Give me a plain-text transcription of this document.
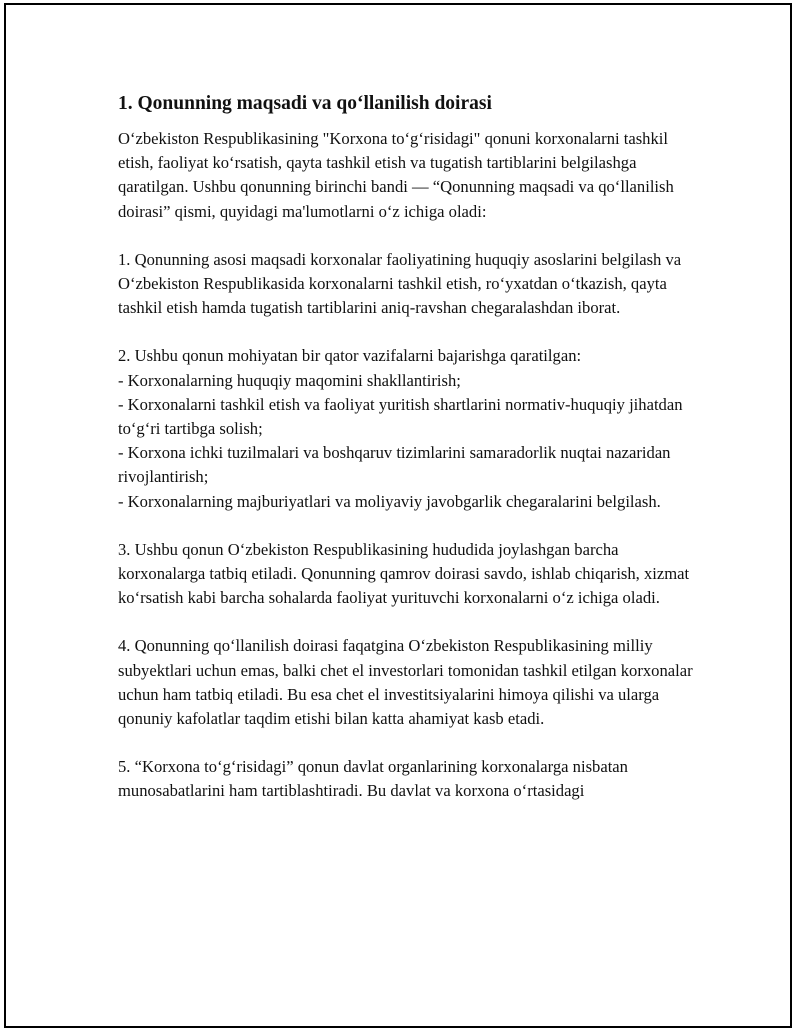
1. Qonunning maqsadi va qo‘llanilish doirasi
O‘zbekiston Respublikasining "Korxona to‘g‘risidagi" qonuni korxonalarni tashkil etish, faoliyat ko‘rsatish, qayta tashkil etish va tugatish tartiblarini belgilashga qaratilgan. Ushbu qonunning birinchi bandi — “Qonunning maqsadi va qo‘llanilish doirasi” qismi, quyidagi ma'lumotlarni o‘z ichiga oladi:
1. Qonunning asosi maqsadi korxonalar faoliyatining huquqiy asoslarini belgilash va O‘zbekiston Respublikasida korxonalarni tashkil etish, ro‘yxatdan o‘tkazish, qayta tashkil etish hamda tugatish tartiblarini aniq-ravshan chegaralashdan iborat.
2. Ushbu qonun mohiyatan bir qator vazifalarni bajarishga qaratilgan:
- Korxonalarning huquqiy maqomini shakllantirish;
- Korxonalarni tashkil etish va faoliyat yuritish shartlarini normativ-huquqiy jihatdan to‘g‘ri tartibga solish;
- Korxona ichki tuzilmalari va boshqaruv tizimlarini samaradorlik nuqtai nazaridan rivojlantirish;
- Korxonalarning majburiyatlari va moliyaviy javobgarlik chegaralarini belgilash.
3. Ushbu qonun O‘zbekiston Respublikasining hududida joylashgan barcha korxonalarga tatbiq etiladi. Qonunning qamrov doirasi savdo, ishlab chiqarish, xizmat ko‘rsatish kabi barcha sohalarda faoliyat yurituvchi korxonalarni o‘z ichiga oladi.
4. Qonunning qo‘llanilish doirasi faqatgina O‘zbekiston Respublikasining milliy subyektlari uchun emas, balki chet el investorlari tomonidan tashkil etilgan korxonalar uchun ham tatbiq etiladi. Bu esa chet el investitsiyalarini himoya qilishi va ularga qonuniy kafolatlar taqdim etishi bilan katta ahamiyat kasb etadi.
5. “Korxona to‘g‘risidagi” qonun davlat organlarining korxonalarga nisbatan munosabatlarini ham tartiblashtiradi. Bu davlat va korxona o‘rtasidagi
